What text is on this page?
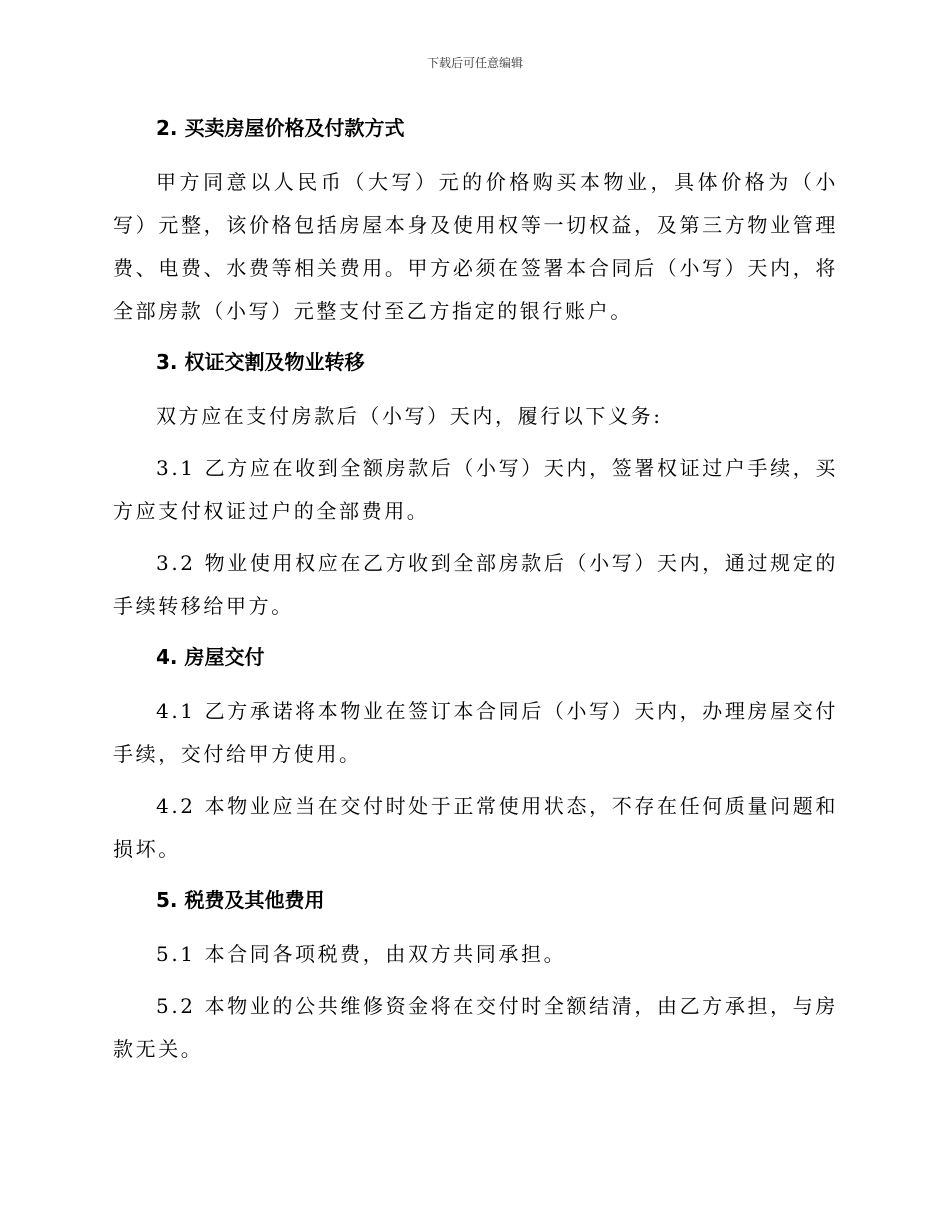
下载后可任意编辑
2. 买卖房屋价格及付款方式

甲方同意以人民币（大写）元的价格购买本物业，具体价格为（小写）元整，该价格包括房屋本身及使用权等一切权益，及第三方物业管理费、电费、水费等相关费用。甲方必须在签署本合同后（小写）天内，将全部房款（小写）元整支付至乙方指定的银行账户。

3. 权证交割及物业转移

双方应在支付房款后（小写）天内，履行以下义务:

3.1 乙方应在收到全额房款后（小写）天内，签署权证过户手续，买方应支付权证过户的全部费用。

3.2 物业使用权应在乙方收到全部房款后（小写）天内，通过规定的手续转移给甲方。

4. 房屋交付

4.1 乙方承诺将本物业在签订本合同后（小写）天内，办理房屋交付手续，交付给甲方使用。

4.2 本物业应当在交付时处于正常使用状态，不存在任何质量问题和损坏。

5. 税费及其他费用

5.1 本合同各项税费，由双方共同承担。

5.2 本物业的公共维修资金将在交付时全额结清，由乙方承担，与房款无关。
